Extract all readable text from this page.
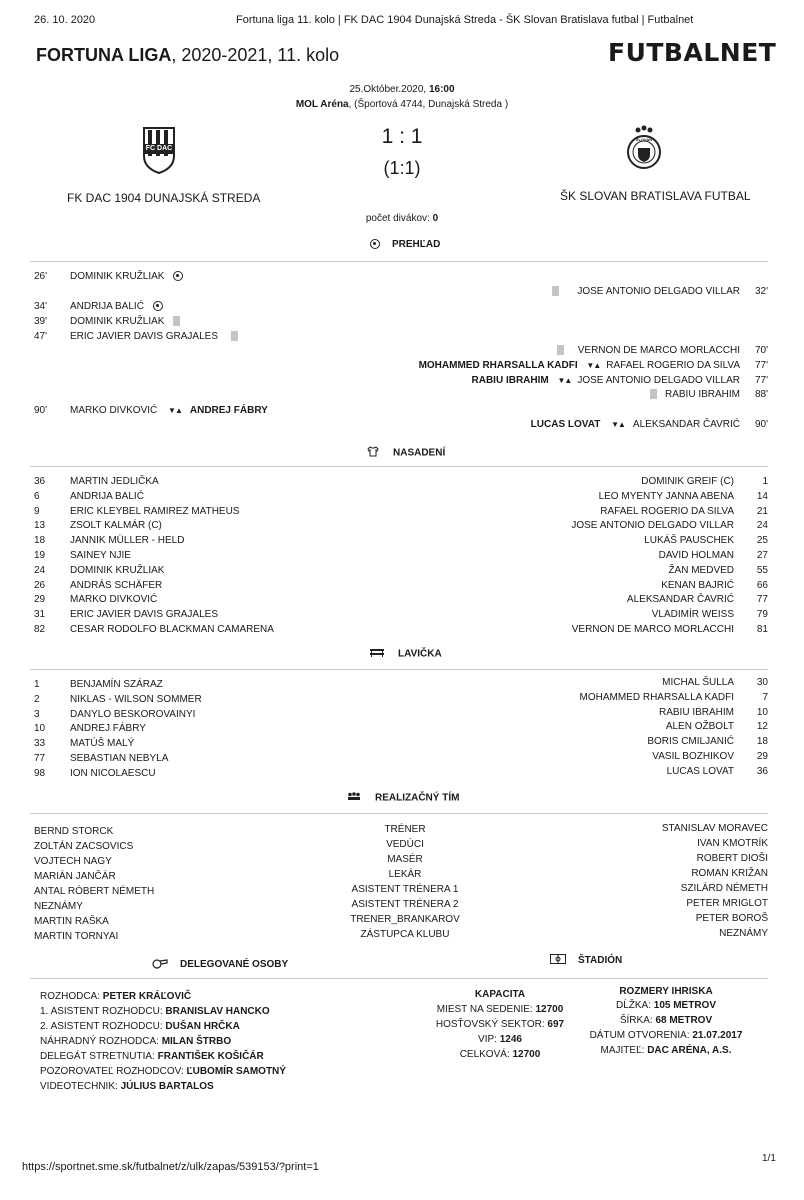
26. 10. 2020	Fortuna liga 11. kolo | FK DAC 1904 Dunajská Streda - ŠK Slovan Bratislava futbal | Futbalnet
FORTUNA LIGA, 2020-2021, 11. kolo	FUTBALNET
25.Október.2020, 16:00
MOL Aréna, (Športová 4744, Dunajská Streda )
FC DAC
SLOVAN
1 : 1
(1:1)
FK DAC 1904 DUNAJSKÁ STREDA	ŠK SLOVAN BRATISLAVA FUTBAL
počet divákov: 0
PREHĽAD
26' DOMINIK KRUŽLIAK
JOSE ANTONIO DELGADO VILLAR 32'
34' ANDRIJA BALIĆ
39' DOMINIK KRUŽLIAK
47' ERIC JAVIER DAVIS GRAJALES
VERNON DE MARCO MORLACCHI 70'
MOHAMMED RHARSALLA KADFI ▼▲ RAFAEL ROGERIO DA SILVA 77'
RABIU IBRAHIM ▼▲ JOSE ANTONIO DELGADO VILLAR 77'
RABIU IBRAHIM 88'
90' MARKO DIVKOVIĆ ▼▲ ANDREJ FÁBRY
LUCAS LOVAT ▼▲ ALEKSANDAR ČAVRIĆ 90'
NASADENÍ
36 MARTIN JEDLIČKA
6	ANDRIJA BALIĆ
9	ERIC KLEYBEL RAMIREZ MATHEUS
13 ZSOLT KALMÁR (C)
18 JANNIK MÜLLER - HELD
19 SAINEY NJIE
24 DOMINIK KRUŽLIAK
26 ANDRÁS SCHÄFER
29 MARKO DIVKOVIĆ
31 ERIC JAVIER DAVIS GRAJALES
82 CESAR RODOLFO BLACKMAN CAMARENA
DOMINIK GREIF (C)	1
LEO MYENTY JANNA ABENA	14
RAFAEL ROGERIO DA SILVA	21
JOSE ANTONIO DELGADO VILLAR	24
LUKÁŠ PAUSCHEK	25
DAVID HOLMAN	27
ŽAN MEDVED	55
KENAN BAJRIĆ	66
ALEKSANDAR ČAVRIĆ	77
VLADIMÍR WEISS	79
VERNON DE MARCO MORLACCHI	81
LAVIČKA
1	BENJAMÍN SZÁRAZ
2	NIKLAS - WILSON SOMMER
3	DANYLO BESKOROVAINYI
10 ANDREJ FÁBRY
33 MATÚŠ MALÝ
77 SEBASTIAN NEBYLA
98 ION NICOLAESCU
MICHAL ŠULLA	30
MOHAMMED RHARSALLA KADFI	7
RABIU IBRAHIM	10
ALEN OŽBOLT	12
BORIS CMILJANIĆ	18
VASIL BOZHIKOV	29
LUCAS LOVAT	36
REALIZAČNÝ TÍM
BERND STORCK	TRÉNER	STANISLAV MORAVEC
ZOLTÁN ZACSOVICS	VEDÚCI	IVAN KMOTRÍK
VOJTECH NAGY	MASÉR	ROBERT DIOŠI
MARIÁN JANČÁR	LEKÁR	ROMAN KRIŽAN
ANTAL RÓBERT NÉMETH	ASISTENT TRÉNERA 1	SZILÁRD NÉMETH
NEZNÁMY	ASISTENT TRÉNERA 2	PETER MRIGLOT
MARTIN RAŠKA	TRENER_BRANKAROV	PETER BOROŠ
MARTIN TORNYAI	ZÁSTUPCA KLUBU	NEZNÁMY
DELEGOVANÉ OSOBY	ŠTADIÓN
ROZHODCA: PETER KRÁĽOVIČ
1. ASISTENT ROZHODCU: BRANISLAV HANCKO
2. ASISTENT ROZHODCU: DUŠAN HRČKA
NÁHRADNÝ ROZHODCA: MILAN ŠTRBO
DELEGÁT STRETNUTIA: FRANTIŠEK KOŠIČÁR
POZOROVATEĽ ROZHODCOV: ĽUBOMÍR SAMOTNÝ
VIDEOTECHNIK: JÚLIUS BARTALOS
KAPACITA
MIEST NA SEDENIE: 12700
HOSŤOVSKÝ SEKTOR: 697
VIP: 1246
CELKOVÁ: 12700
ROZMERY IHRISKA
DĹŽKA: 105 METROV
ŠÍRKA: 68 METROV
DÁTUM OTVORENIA: 21.07.2017
MAJITEĽ: DAC ARÉNA, A.S.
https://sportnet.sme.sk/futbalnet/z/ulk/zapas/539153/?print=1
1/1
